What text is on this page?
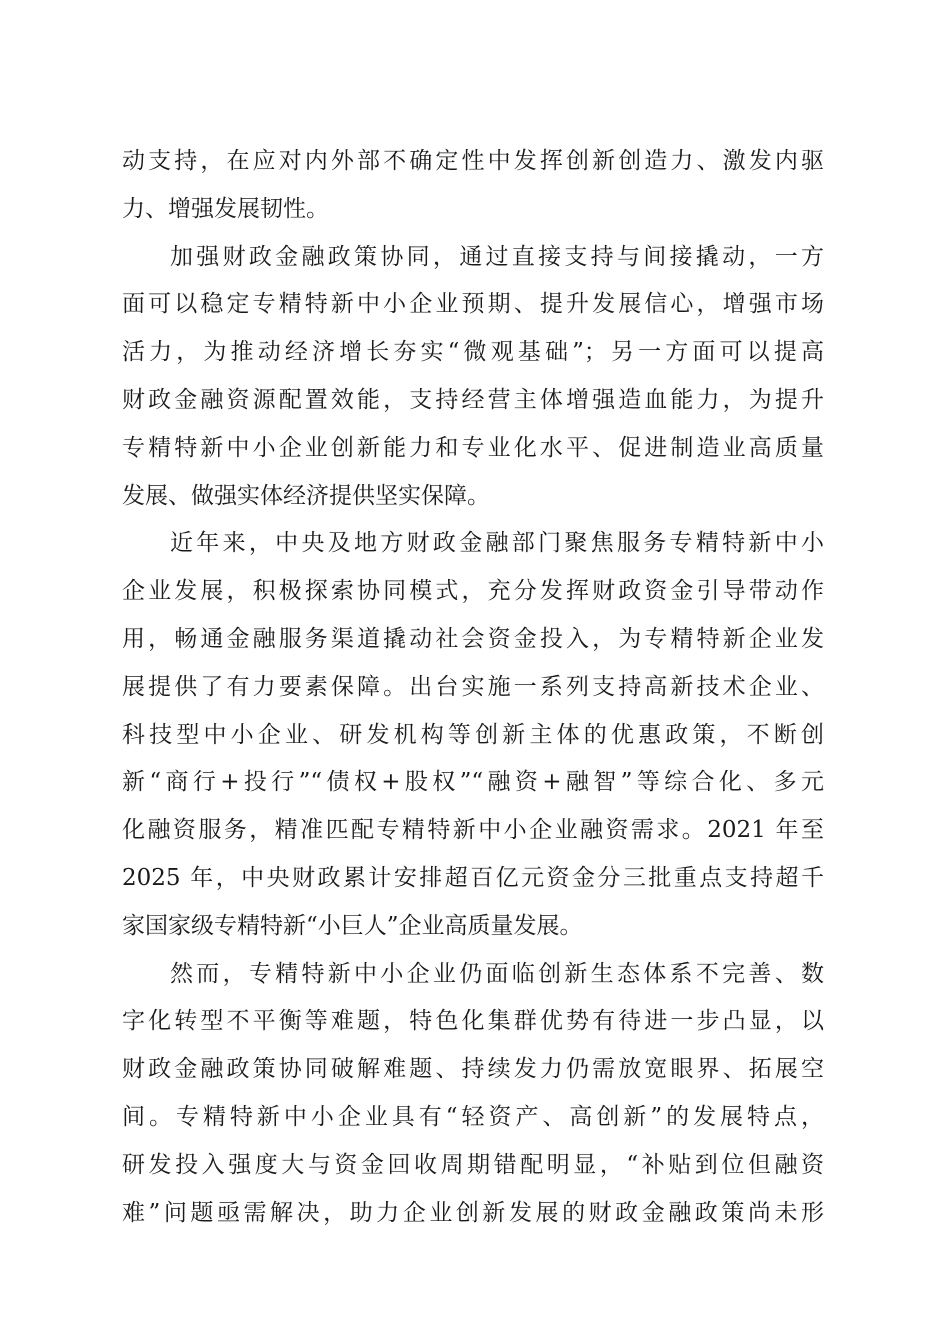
动支持，在应对内外部不确定性中发挥创新创造力、激发内驱
力、增强发展韧性。
加强财政金融政策协同，通过直接支持与间接撬动，一方
面可以稳定专精特新中小企业预期、提升发展信心，增强市场
活力，为推动经济增长夯实“微观基础”；另一方面可以提高
财政金融资源配置效能，支持经营主体增强造血能力，为提升
专精特新中小企业创新能力和专业化水平、促进制造业高质量
发展、做强实体经济提供坚实保障。
近年来，中央及地方财政金融部门聚焦服务专精特新中小
企业发展，积极探索协同模式，充分发挥财政资金引导带动作
用，畅通金融服务渠道撬动社会资金投入，为专精特新企业发
展提供了有力要素保障。出台实施一系列支持高新技术企业、
科技型中小企业、研发机构等创新主体的优惠政策，不断创
新“商行+投行”“债权+股权”“融资+融智”等综合化、多元
化融资服务，精准匹配专精特新中小企业融资需求。2021 年至
2025 年，中央财政累计安排超百亿元资金分三批重点支持超千
家国家级专精特新“小巨人”企业高质量发展。
然而，专精特新中小企业仍面临创新生态体系不完善、数
字化转型不平衡等难题，特色化集群优势有待进一步凸显，以
财政金融政策协同破解难题、持续发力仍需放宽眼界、拓展空
间。专精特新中小企业具有“轻资产、高创新”的发展特点，
研发投入强度大与资金回收周期错配明显，“补贴到位但融资
难”问题亟需解决，助力企业创新发展的财政金融政策尚未形
